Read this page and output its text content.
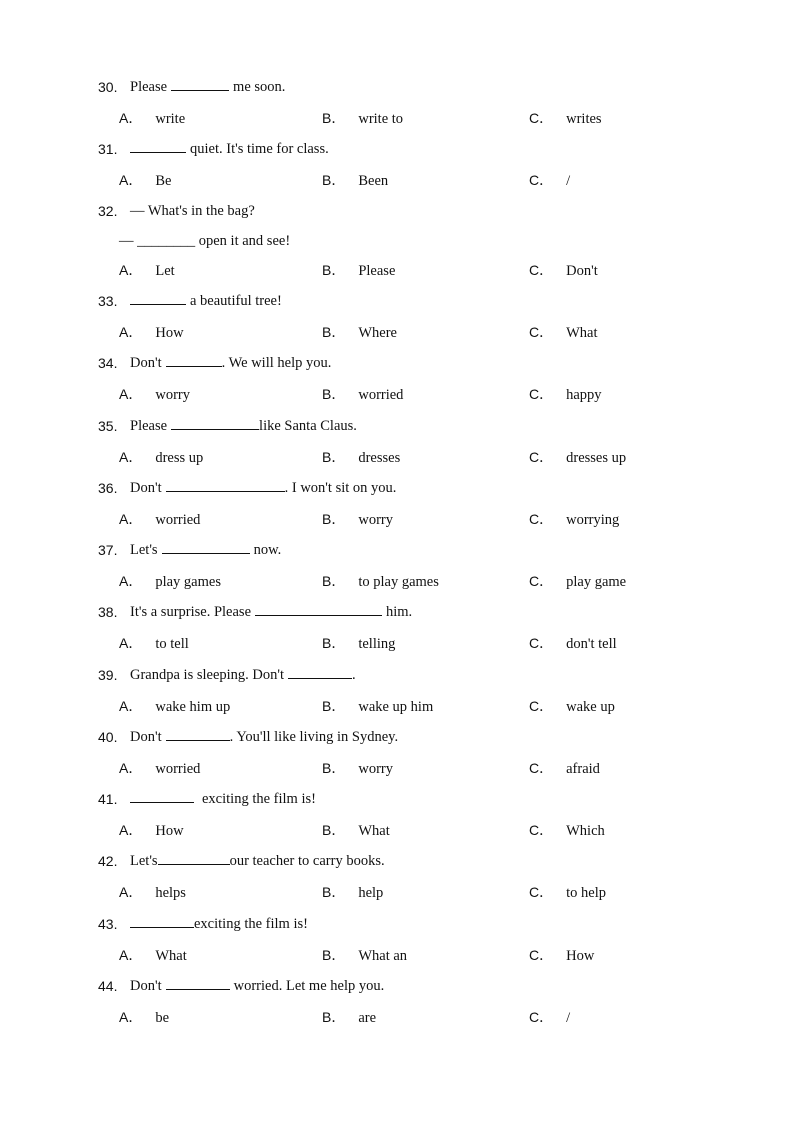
30. Please	me soon.
A． write	B． write to	C． writes
31.	quiet. It's time for class.
A． Be	B． Been	C． /
32. — What's in the bag?
— ________ open it and see!
A． Let	B． Please	C． Don't
33.	a beautiful tree!
A． How	B． Where	C． What
34. Don't	. We will help you.
A． worry	B． worried	C． happy
35. Please	like Santa Claus.
A． dress up	B． dresses	C． dresses up
36. Don't	. I won't sit on you.
A． worried	B． worry	C． worrying
37. Let's	now.
A． play games	B． to play games	C． play game
38. It's a surprise. Please	him.
A． to tell	B． telling	C． don't tell
39. Grandpa is sleeping. Don't	.
A． wake him up	B． wake up him	C． wake up
40. Don't	. You'll like living in Sydney.
A． worried	B． worry	C． afraid
41.	exciting the film is!
A． How	B． What	C． Which
42. Let's	our teacher to carry books.
A． helps	B． help	C． to help
43.	exciting the film is!
A． What	B． What an	C． How
44. Don't	worried. Let me help you.
A． be	B． are	C． /
